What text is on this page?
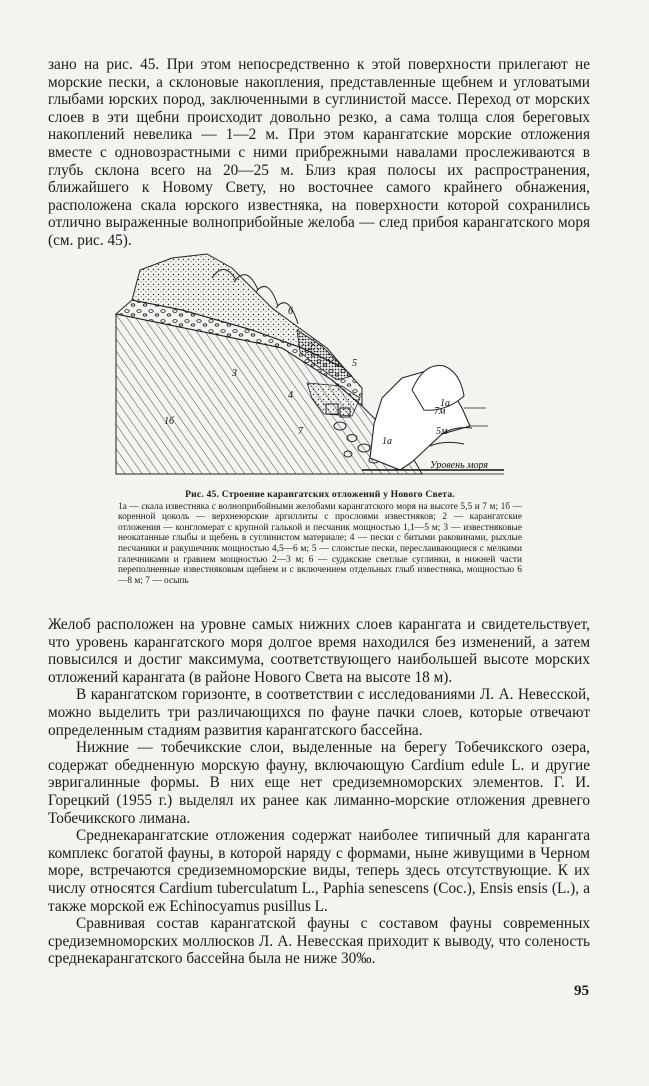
зано на рис. 45. При этом непосредственно к этой поверхности прилегают не морские пески, а склоновые накопления, представленные щебнем и угловатыми глыбами юрских пород, заключенными в суглинистой массе. Переход от морских слоев в эти щебни происходит довольно резко, а сама толща слоя береговых накоплений невелика — 1—2 м. При этом карангатские морские отложения вместе с одновозрастными с ними прибрежными навалами прослеживаются в глубь склона всего на 20—25 м. Близ края полосы их распространения, ближайшего к Новому Свету, но восточнее самого крайнего обнажения, расположена скала юрского известняка, на поверхности которой сохранились отлично выраженные волноприбойные желоба — след прибоя карангатского моря (см. рис. 45).

1а
1а
1б
2
3
4
5
6
7
7м
5м
Уровень моря
Рис. 45. Строение карангатских отложений у Нового Света.
1а — скала известняка с волноприбойными желобами карангатского моря на высоте 5,5 и 7 м; 1б — коренной цоколь — верхнеюрские аргиллиты с прослоями известняков; 2 — карангатские отложения — конгломерат с крупной галькой и песчаник мощностью 1,1—5 м; 3 — известняковые неокатанные глыбы и щебень в суглинистом материале; 4 — пески с битыми раковинами, рыхлые песчаники и ракушечник мощностью 4,5—6 м; 5 — слоистые пески, переслаивающиеся с мелкими галечниками и гравием мощностью 2—3 м; 6 — судакские светлые суглинки, в нижней части переполненные известняковым щебнем и с включением отдельных глыб известняка, мощностью 6—8 м; 7 — осыпь

Желоб расположен на уровне самых нижних слоев карангата и свидетельствует, что уровень карангатского моря долгое время находился без изменений, а затем повысился и достиг максимума, соответствующего наибольшей высоте морских отложений карангата (в районе Нового Света на высоте 18 м).

В карангатском горизонте, в соответствии с исследованиями Л. А. Невесской, можно выделить три различающихся по фауне пачки слоев, которые отвечают определенным стадиям развития карангатского бассейна.

Нижние — тобечикские слои, выделенные на берегу Тобечикского озера, содержат обедненную морскую фауну, включающую Cardium edule L. и другие эвригалинные формы. В них еще нет средиземноморских элементов. Г. И. Горецкий (1955 г.) выделял их ранее как лиманно-морские отложения древнего Тобечикского лимана.

Среднекарангатские отложения содержат наиболее типичный для карангата комплекс богатой фауны, в которой наряду с формами, ныне живущими в Черном море, встречаются средиземноморские виды, теперь здесь отсутствующие. К их числу относятся Cardium tuberculatum L., Paphia senescens (Coc.), Ensis ensis (L.), а также морской еж Echinocyamus pusillus L.

Сравнивая состав карангатской фауны с составом фауны современных средиземноморских моллюсков Л. А. Невесская приходит к выводу, что соленость среднекарангатского бассейна была не ниже 30‰.

95
